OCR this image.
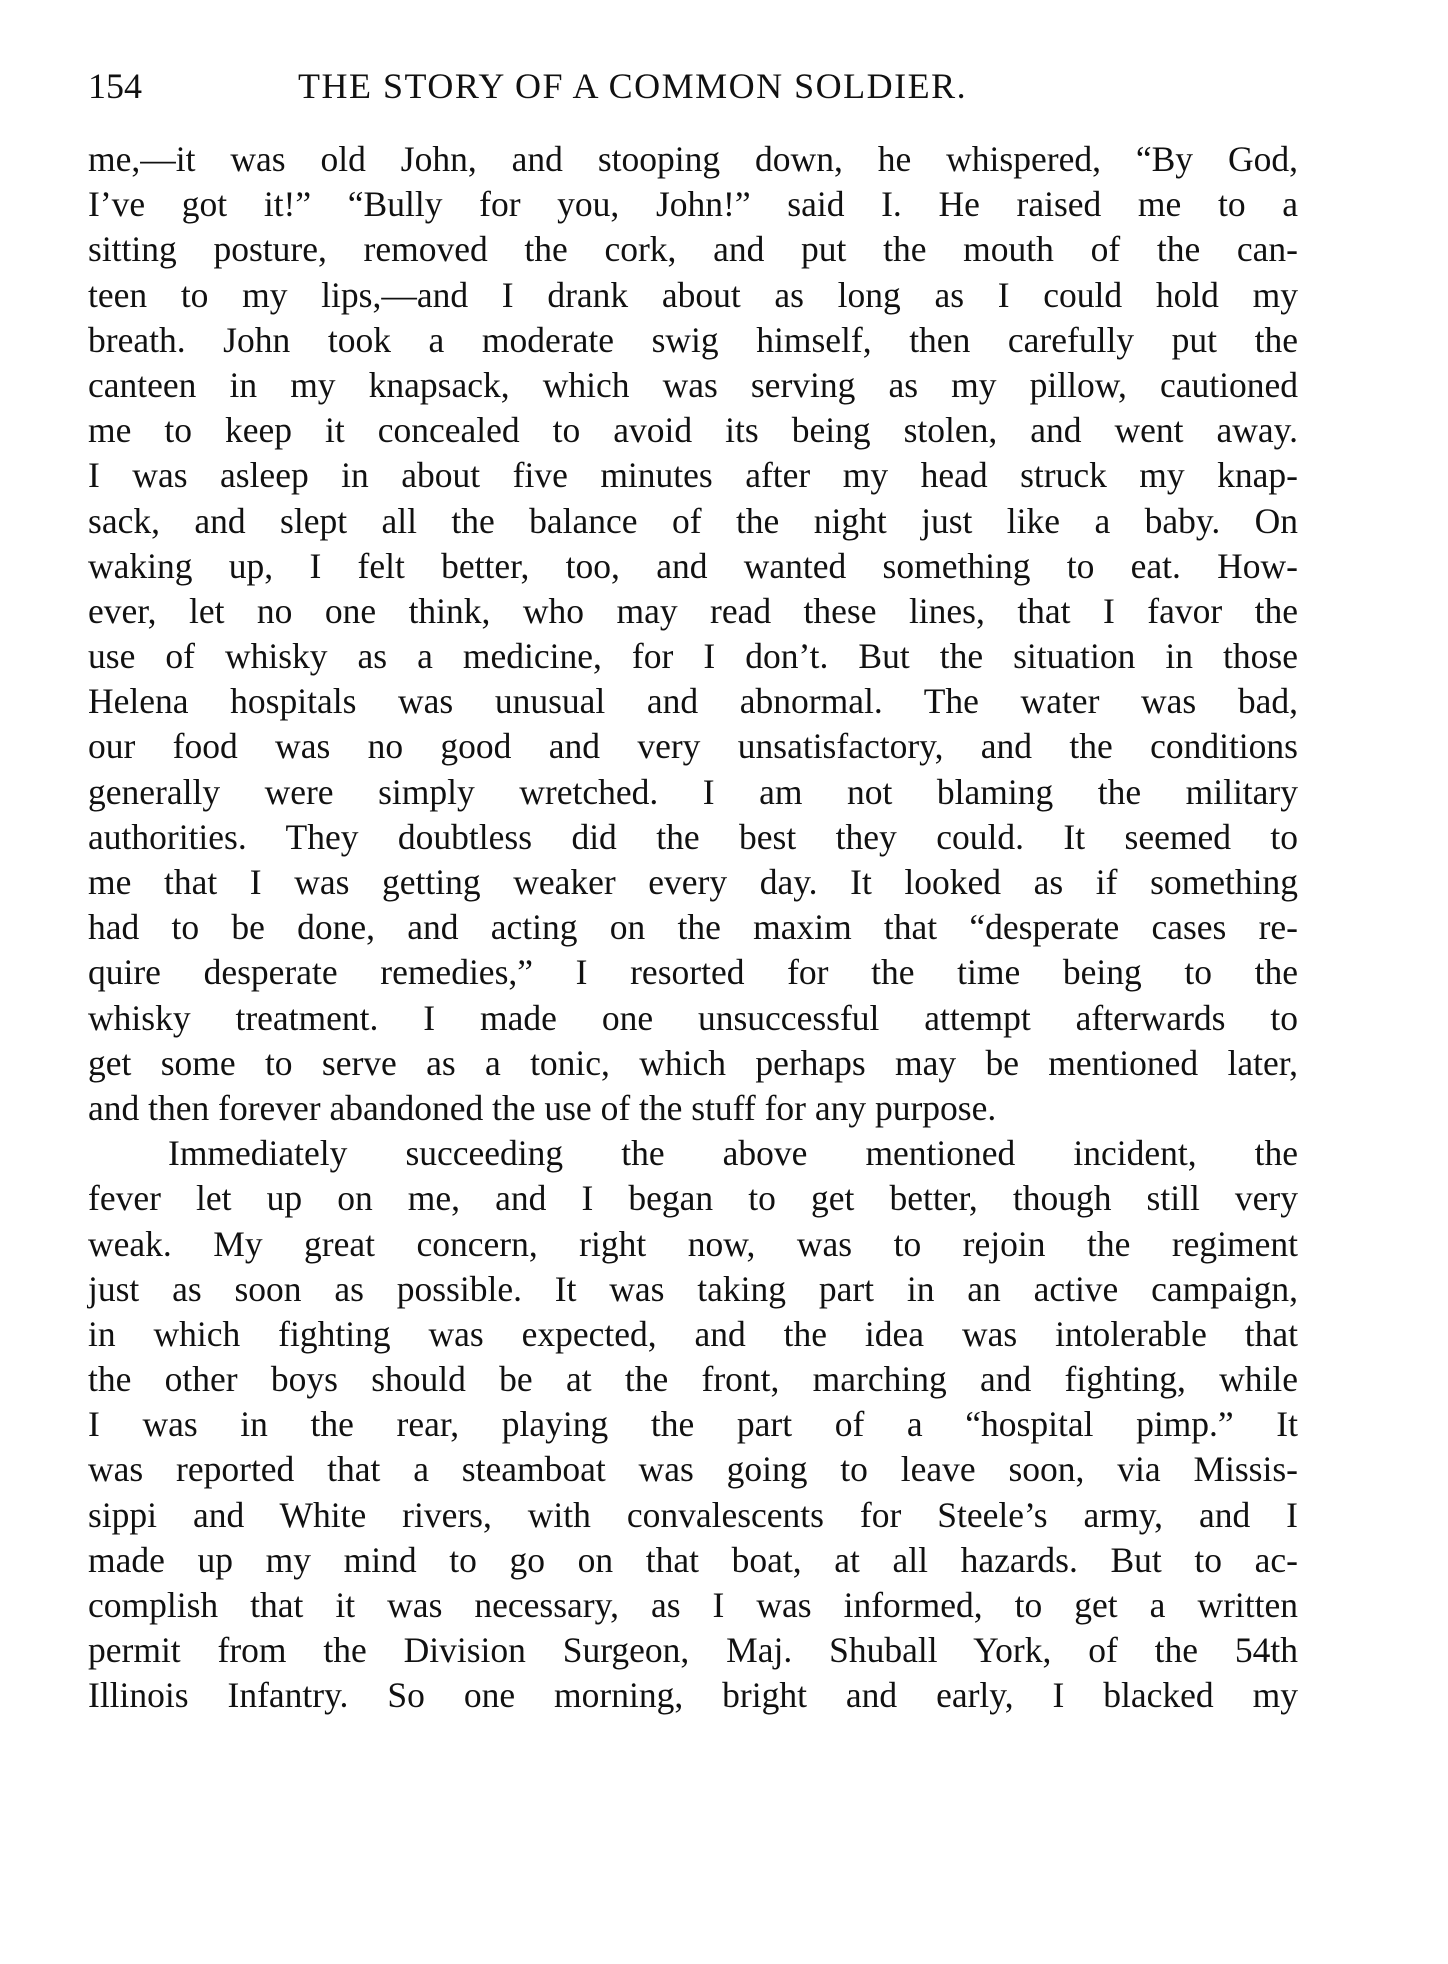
154	THE STORY OF A COMMON SOLDIER.
me,—it was old John, and stooping down, he whispered, “By God,
I’ve got it!” “Bully for you, John!” said I. He raised me to a
sitting posture, removed the cork, and put the mouth of the can-
teen to my lips,—and I drank about as long as I could hold my
breath. John took a moderate swig himself, then carefully put the
canteen in my knapsack, which was serving as my pillow, cautioned
me to keep it concealed to avoid its being stolen, and went away.
I was asleep in about five minutes after my head struck my knap-
sack, and slept all the balance of the night just like a baby. On
waking up, I felt better, too, and wanted something to eat. How-
ever, let no one think, who may read these lines, that I favor the
use of whisky as a medicine, for I don’t. But the situation in those
Helena hospitals was unusual and abnormal. The water was bad,
our food was no good and very unsatisfactory, and the conditions
generally were simply wretched. I am not blaming the military
authorities. They doubtless did the best they could. It seemed to
me that I was getting weaker every day. It looked as if something
had to be done, and acting on the maxim that “desperate cases re-
quire desperate remedies,” I resorted for the time being to the
whisky treatment. I made one unsuccessful attempt afterwards to
get some to serve as a tonic, which perhaps may be mentioned later,
and then forever abandoned the use of the stuff for any purpose.
Immediately succeeding the above mentioned incident, the
fever let up on me, and I began to get better, though still very
weak. My great concern, right now, was to rejoin the regiment
just as soon as possible. It was taking part in an active campaign,
in which fighting was expected, and the idea was intolerable that
the other boys should be at the front, marching and fighting, while
I was in the rear, playing the part of a “hospital pimp.” It
was reported that a steamboat was going to leave soon, via Missis-
sippi and White rivers, with convalescents for Steele’s army, and I
made up my mind to go on that boat, at all hazards. But to ac-
complish that it was necessary, as I was informed, to get a written
permit from the Division Surgeon, Maj. Shuball York, of the 54th
Illinois Infantry. So one morning, bright and early, I blacked my
